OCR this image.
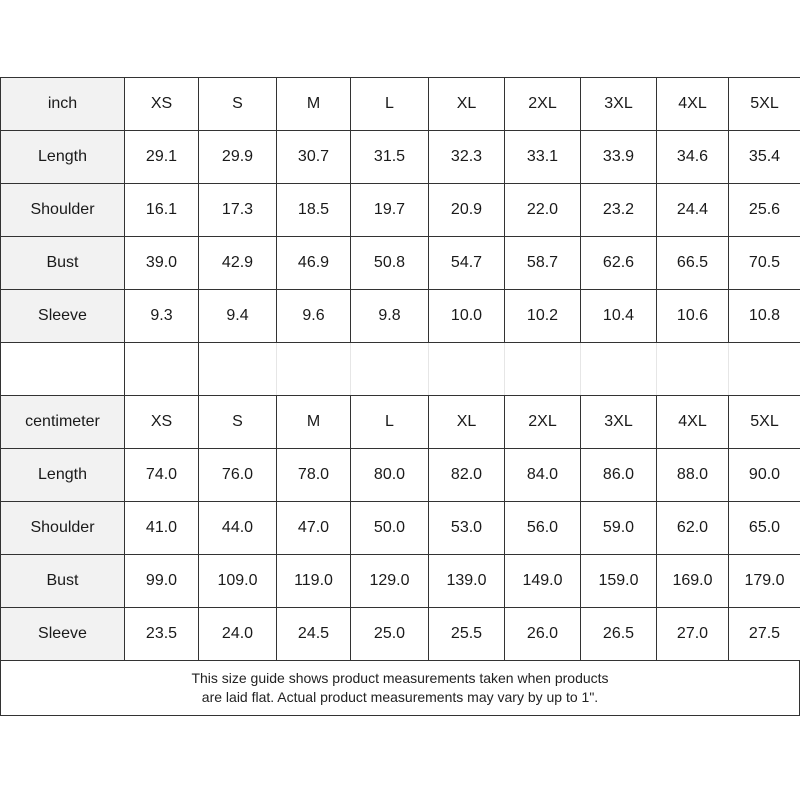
inch	XS	S	M	L	XL	2XL	3XL	4XL	5XL
Length	29.1	29.9	30.7	31.5	32.3	33.1	33.9	34.6	35.4
Shoulder	16.1	17.3	18.5	19.7	20.9	22.0	23.2	24.4	25.6
Bust	39.0	42.9	46.9	50.8	54.7	58.7	62.6	66.5	70.5
Sleeve	9.3	9.4	9.6	9.8	10.0	10.2	10.4	10.6	10.8

centimeter	XS	S	M	L	XL	2XL	3XL	4XL	5XL
Length	74.0	76.0	78.0	80.0	82.0	84.0	86.0	88.0	90.0
Shoulder	41.0	44.0	47.0	50.0	53.0	56.0	59.0	62.0	65.0
Bust	99.0	109.0	119.0	129.0	139.0	149.0	159.0	169.0	179.0
Sleeve	23.5	24.0	24.5	25.0	25.5	26.0	26.5	27.0	27.5
This size guide shows product measurements taken when products
are laid flat. Actual product measurements may vary by up to 1".
